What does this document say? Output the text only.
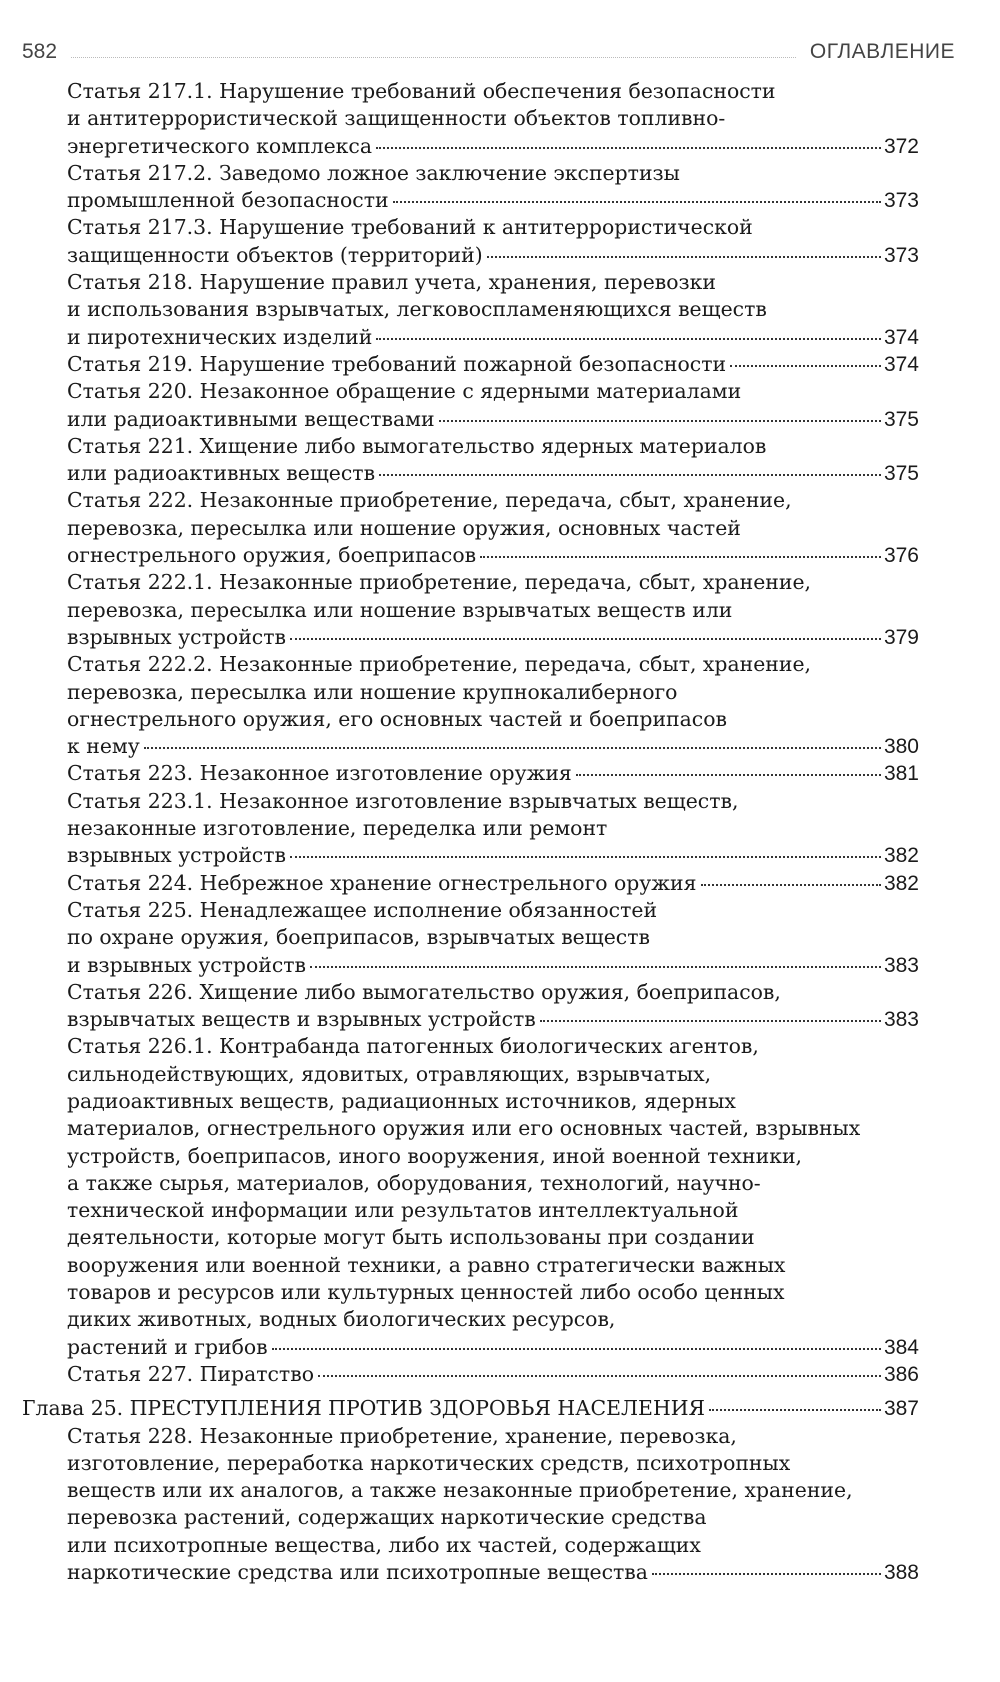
582	ОГЛАВЛЕНИЕ
Статья 217.1. Нарушение требований обеспечения безопасности
и антитеррористической защищенности объектов топливно-
энергетического комплекса	372
Статья 217.2. Заведомо ложное заключение экспертизы
промышленной безопасности	373
Статья 217.3. Нарушение требований к антитеррористической
защищенности объектов (территорий)	373
Статья 218. Нарушение правил учета, хранения, перевозки
и использования взрывчатых, легковоспламеняющихся веществ
и пиротехнических изделий	374
Статья 219. Нарушение требований пожарной безопасности	374
Статья 220. Незаконное обращение с ядерными материалами
или радиоактивными веществами	375
Статья 221. Хищение либо вымогательство ядерных материалов
или радиоактивных веществ	375
Статья 222. Незаконные приобретение, передача, сбыт, хранение,
перевозка, пересылка или ношение оружия, основных частей
огнестрельного оружия, боеприпасов	376
Статья 222.1. Незаконные приобретение, передача, сбыт, хранение,
перевозка, пересылка или ношение взрывчатых веществ или
взрывных устройств	379
Статья 222.2. Незаконные приобретение, передача, сбыт, хранение,
перевозка, пересылка или ношение крупнокалиберного
огнестрельного оружия, его основных частей и боеприпасов
к нему	380
Статья 223. Незаконное изготовление оружия	381
Статья 223.1. Незаконное изготовление взрывчатых веществ,
незаконные изготовление, переделка или ремонт
взрывных устройств	382
Статья 224. Небрежное хранение огнестрельного оружия	382
Статья 225. Ненадлежащее исполнение обязанностей
по охране оружия, боеприпасов, взрывчатых веществ
и взрывных устройств	383
Статья 226. Хищение либо вымогательство оружия, боеприпасов,
взрывчатых веществ и взрывных устройств	383
Статья 226.1. Контрабанда патогенных биологических агентов,
сильнодействующих, ядовитых, отравляющих, взрывчатых,
радиоактивных веществ, радиационных источников, ядерных
материалов, огнестрельного оружия или его основных частей, взрывных
устройств, боеприпасов, иного вооружения, иной военной техники,
а также сырья, материалов, оборудования, технологий, научно-
технической информации или результатов интеллектуальной
деятельности, которые могут быть использованы при создании
вооружения или военной техники, а равно стратегически важных
товаров и ресурсов или культурных ценностей либо особо ценных
диких животных, водных биологических ресурсов,
растений и грибов	384
Статья 227. Пиратство	386
Глава 25. ПРЕСТУПЛЕНИЯ ПРОТИВ ЗДОРОВЬЯ НАСЕЛЕНИЯ	387
Статья 228. Незаконные приобретение, хранение, перевозка,
изготовление, переработка наркотических средств, психотропных
веществ или их аналогов, а также незаконные приобретение, хранение,
перевозка растений, содержащих наркотические средства
или психотропные вещества, либо их частей, содержащих
наркотические средства или психотропные вещества	388
